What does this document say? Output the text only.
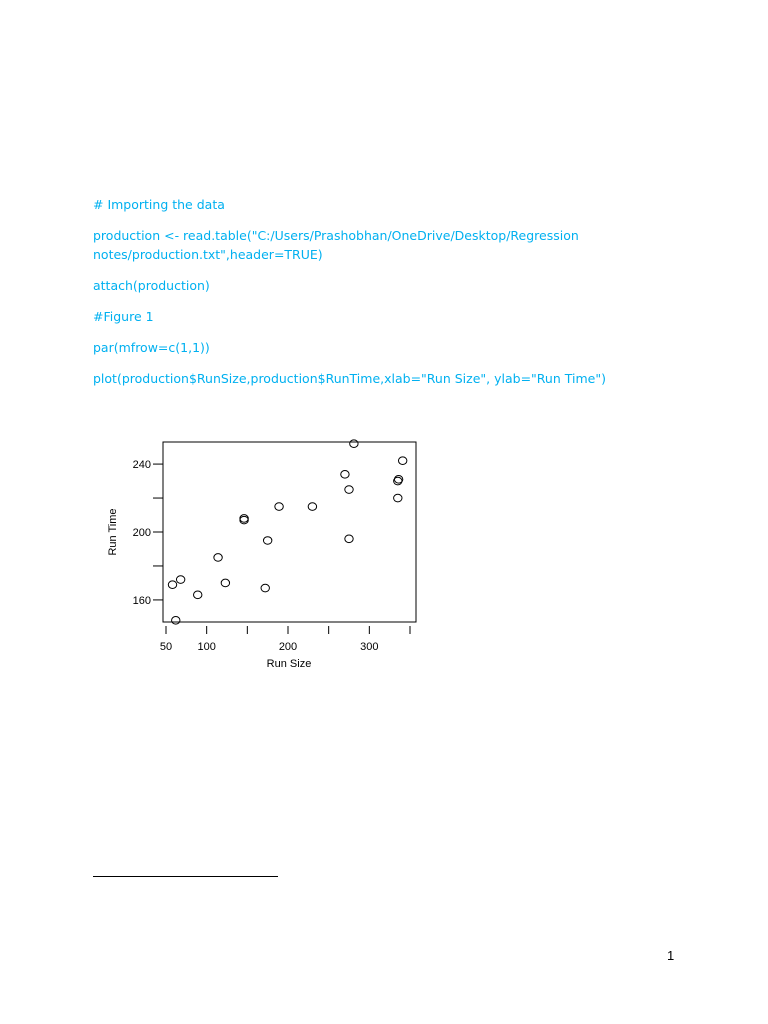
# Importing the data

production <- read.table("C:/Users/Prashobhan/OneDrive/Desktop/Regression

notes/production.txt",header=TRUE)

attach(production)

#Figure 1

par(mfrow=c(1,1))

plot(production$RunSize,production$RunTime,xlab="Run Size", ylab="Run Time")

50 100	200	300
160
200
240
Run Size
Run Time
1
